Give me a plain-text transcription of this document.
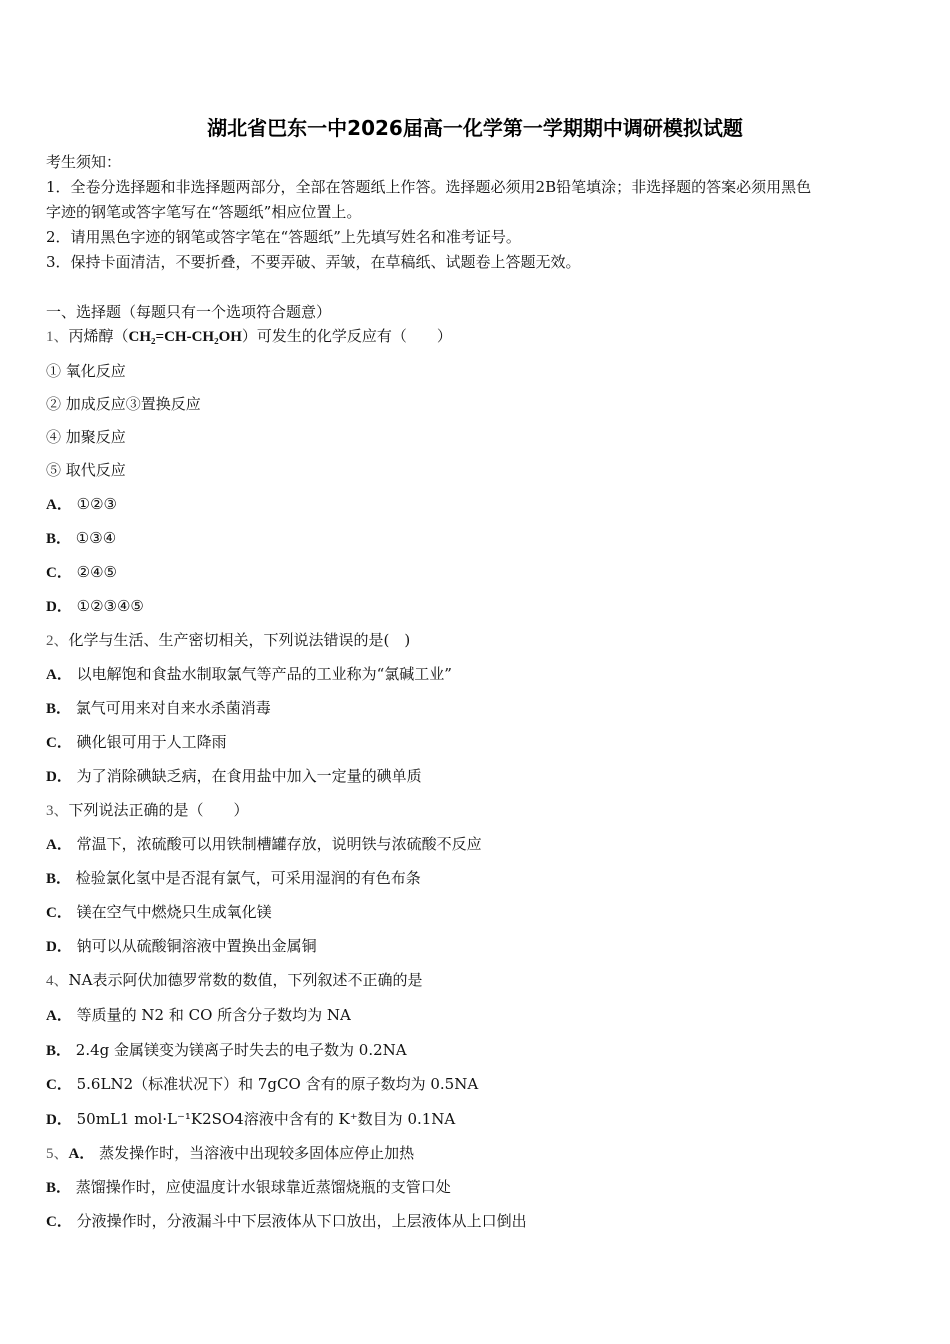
湖北省巴东一中2026届高一化学第一学期期中调研模拟试题
考生须知：
1．全卷分选择题和非选择题两部分，全部在答题纸上作答。选择题必须用2B铅笔填涂；非选择题的答案必须用黑色
字迹的钢笔或答字笔写在“答题纸”相应位置上。
2．请用黑色字迹的钢笔或答字笔在“答题纸”上先填写姓名和准考证号。
3．保持卡面清洁，不要折叠，不要弄破、弄皱，在草稿纸、试题卷上答题无效。
一、选择题（每题只有一个选项符合题意）
1、丙烯醇（CH₂=CH-CH₂OH）可发生的化学反应有（　　）
① 氧化反应
② 加成反应③置换反应
④ 加聚反应
⑤ 取代反应
A． ①②③
B． ①③④
C． ②④⑤
D． ①②③④⑤
2、化学与生活、生产密切相关，下列说法错误的是(　)
A． 以电解饱和食盐水制取氯气等产品的工业称为“氯碱工业”
B． 氯气可用来对自来水杀菌消毒
C． 碘化银可用于人工降雨
D． 为了消除碘缺乏病，在食用盐中加入一定量的碘单质
3、下列说法正确的是（　　）
A． 常温下，浓硫酸可以用铁制槽罐存放，说明铁与浓硫酸不反应
B． 检验氯化氢中是否混有氯气，可采用湿润的有色布条
C． 镁在空气中燃烧只生成氧化镁
D． 钠可以从硫酸铜溶液中置换出金属铜
4、NA表示阿伏加德罗常数的数值，下列叙述不正确的是
A． 等质量的 N2 和 CO 所含分子数均为 NA
B． 2.4g 金属镁变为镁离子时失去的电子数为 0.2NA
C． 5.6LN2（标准状况下）和 7gCO 含有的原子数均为 0.5NA
D． 50mL1 mol·L⁻¹K2SO4溶液中含有的 K⁺数目为 0.1NA
5、A． 蒸发操作时，当溶液中出现较多固体应停止加热
B． 蒸馏操作时，应使温度计水银球靠近蒸馏烧瓶的支管口处
C． 分液操作时，分液漏斗中下层液体从下口放出，上层液体从上口倒出
